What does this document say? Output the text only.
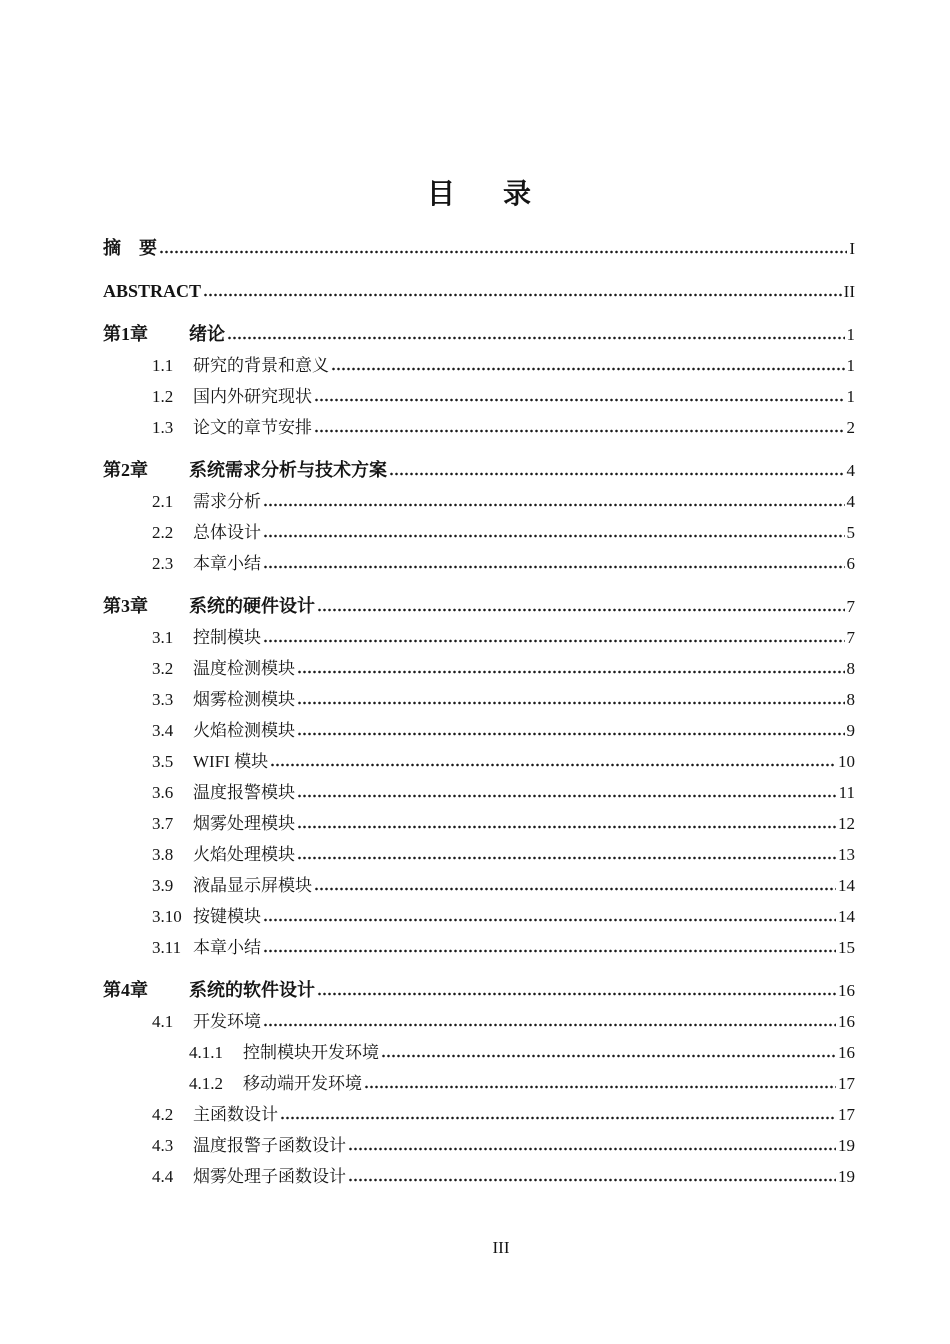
目　录
摘　要	I
ABSTRACT	II
第1章	绪论	1
1.1	研究的背景和意义	1
1.2	国内外研究现状	1
1.3	论文的章节安排	2
第2章	系统需求分析与技术方案	4
2.1	需求分析	4
2.2	总体设计	5
2.3	本章小结	6
第3章	系统的硬件设计	7
3.1	控制模块	7
3.2	温度检测模块	8
3.3	烟雾检测模块	8
3.4	火焰检测模块	9
3.5	WIFI 模块	10
3.6	温度报警模块	11
3.7	烟雾处理模块	12
3.8	火焰处理模块	13
3.9	液晶显示屏模块	14
3.10 按键模块	14
3.11 本章小结	15
第4章	系统的软件设计	16
4.1	开发环境	16
4.1.1	控制模块开发环境	16
4.1.2	移动端开发环境	17
4.2	主函数设计	17
4.3	温度报警子函数设计	19
4.4	烟雾处理子函数设计	19
III
